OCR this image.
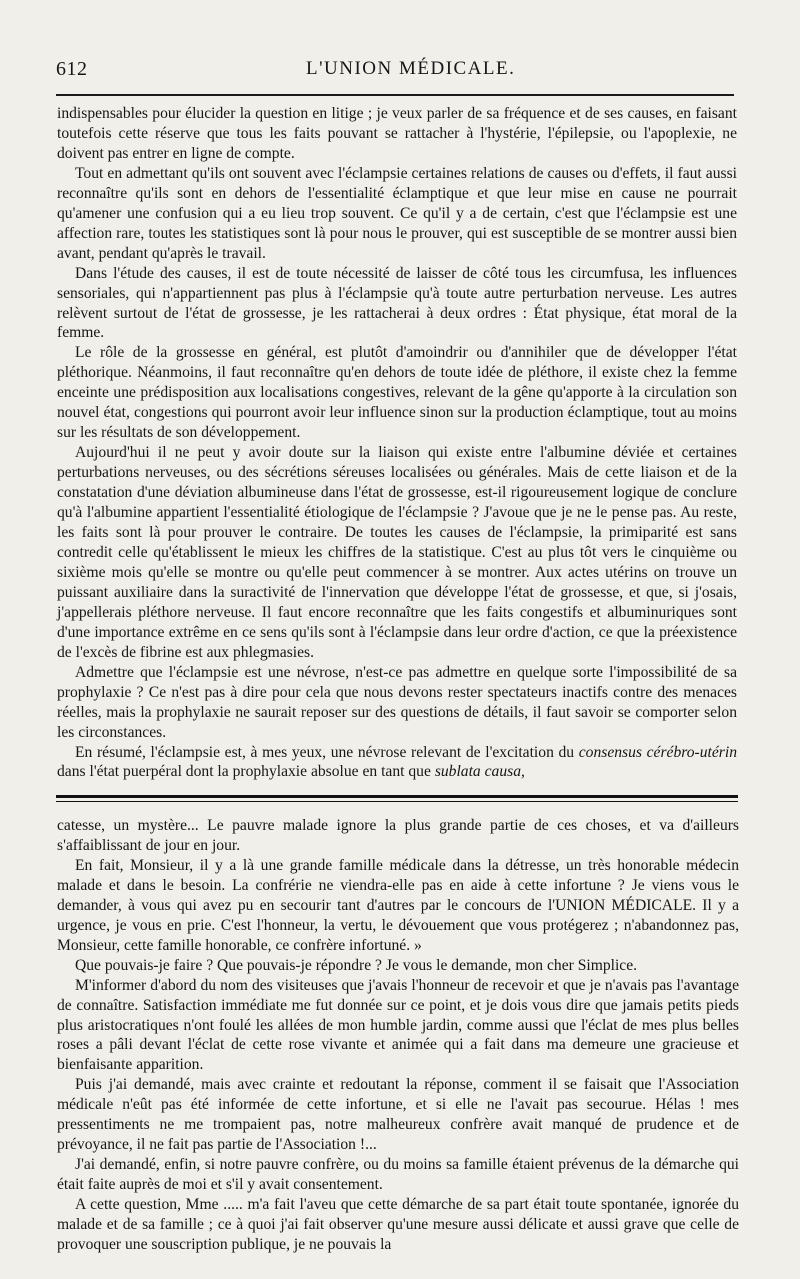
612	L'UNION MÉDICALE.

indispensables pour élucider la question en litige ; je veux parler de sa fréquence et de ses causes, en faisant toutefois cette réserve que tous les faits pouvant se rattacher à l'hystérie, l'épilepsie, ou l'apoplexie, ne doivent pas entrer en ligne de compte.

Tout en admettant qu'ils ont souvent avec l'éclampsie certaines relations de causes ou d'effets, il faut aussi reconnaître qu'ils sont en dehors de l'essentialité éclamptique et que leur mise en cause ne pourrait qu'amener une confusion qui a eu lieu trop souvent. Ce qu'il y a de certain, c'est que l'éclampsie est une affection rare, toutes les statistiques sont là pour nous le prouver, qui est susceptible de se montrer aussi bien avant, pendant qu'après le travail.

Dans l'étude des causes, il est de toute nécessité de laisser de côté tous les circumfusa, les influences sensoriales, qui n'appartiennent pas plus à l'éclampsie qu'à toute autre perturbation nerveuse. Les autres relèvent surtout de l'état de grossesse, je les rattacherai à deux ordres : État physique, état moral de la femme.

Le rôle de la grossesse en général, est plutôt d'amoindrir ou d'annihiler que de développer l'état pléthorique. Néanmoins, il faut reconnaître qu'en dehors de toute idée de pléthore, il existe chez la femme enceinte une prédisposition aux localisations congestives, relevant de la gêne qu'apporte à la circulation son nouvel état, congestions qui pourront avoir leur influence sinon sur la production éclamptique, tout au moins sur les résultats de son développement.

Aujourd'hui il ne peut y avoir doute sur la liaison qui existe entre l'albumine déviée et certaines perturbations nerveuses, ou des sécrétions séreuses localisées ou générales. Mais de cette liaison et de la constatation d'une déviation albumineuse dans l'état de grossesse, est-il rigoureusement logique de conclure qu'à l'albumine appartient l'essentialité étiologique de l'éclampsie ? J'avoue que je ne le pense pas. Au reste, les faits sont là pour prouver le contraire. De toutes les causes de l'éclampsie, la primiparité est sans contredit celle qu'établissent le mieux les chiffres de la statistique. C'est au plus tôt vers le cinquième ou sixième mois qu'elle se montre ou qu'elle peut commencer à se montrer. Aux actes utérins on trouve un puissant auxiliaire dans la suractivité de l'innervation que développe l'état de grossesse, et que, si j'osais, j'appellerais pléthore nerveuse. Il faut encore reconnaître que les faits congestifs et albuminuriques sont d'une importance extrême en ce sens qu'ils sont à l'éclampsie dans leur ordre d'action, ce que la préexistence de l'excès de fibrine est aux phlegmasies.

Admettre que l'éclampsie est une névrose, n'est-ce pas admettre en quelque sorte l'impossibilité de sa prophylaxie ? Ce n'est pas à dire pour cela que nous devons rester spectateurs inactifs contre des menaces réelles, mais la prophylaxie ne saurait reposer sur des questions de détails, il faut savoir se comporter selon les circonstances.

En résumé, l'éclampsie est, à mes yeux, une névrose relevant de l'excitation du consensus cérébro-utérin dans l'état puerpéral dont la prophylaxie absolue en tant que sublata causa,

catesse, un mystère... Le pauvre malade ignore la plus grande partie de ces choses, et va d'ailleurs s'affaiblissant de jour en jour.

En fait, Monsieur, il y a là une grande famille médicale dans la détresse, un très honorable médecin malade et dans le besoin. La confrérie ne viendra-elle pas en aide à cette infortune ? Je viens vous le demander, à vous qui avez pu en secourir tant d'autres par le concours de l'UNION MÉDICALE. Il y a urgence, je vous en prie. C'est l'honneur, la vertu, le dévouement que vous protégerez ; n'abandonnez pas, Monsieur, cette famille honorable, ce confrère infortuné. »

Que pouvais-je faire ? Que pouvais-je répondre ? Je vous le demande, mon cher Simplice.

M'informer d'abord du nom des visiteuses que j'avais l'honneur de recevoir et que je n'avais pas l'avantage de connaître. Satisfaction immédiate me fut donnée sur ce point, et je dois vous dire que jamais petits pieds plus aristocratiques n'ont foulé les allées de mon humble jardin, comme aussi que l'éclat de mes plus belles roses a pâli devant l'éclat de cette rose vivante et animée qui a fait dans ma demeure une gracieuse et bienfaisante apparition.

Puis j'ai demandé, mais avec crainte et redoutant la réponse, comment il se faisait que l'Association médicale n'eût pas été informée de cette infortune, et si elle ne l'avait pas secourue. Hélas ! mes pressentiments ne me trompaient pas, notre malheureux confrère avait manqué de prudence et de prévoyance, il ne fait pas partie de l'Association !...

J'ai demandé, enfin, si notre pauvre confrère, ou du moins sa famille étaient prévenus de la démarche qui était faite auprès de moi et s'il y avait consentement.

A cette question, Mme ..... m'a fait l'aveu que cette démarche de sa part était toute spontanée, ignorée du malade et de sa famille ; ce à quoi j'ai fait observer qu'une mesure aussi délicate et aussi grave que celle de provoquer une souscription publique, je ne pouvais la
